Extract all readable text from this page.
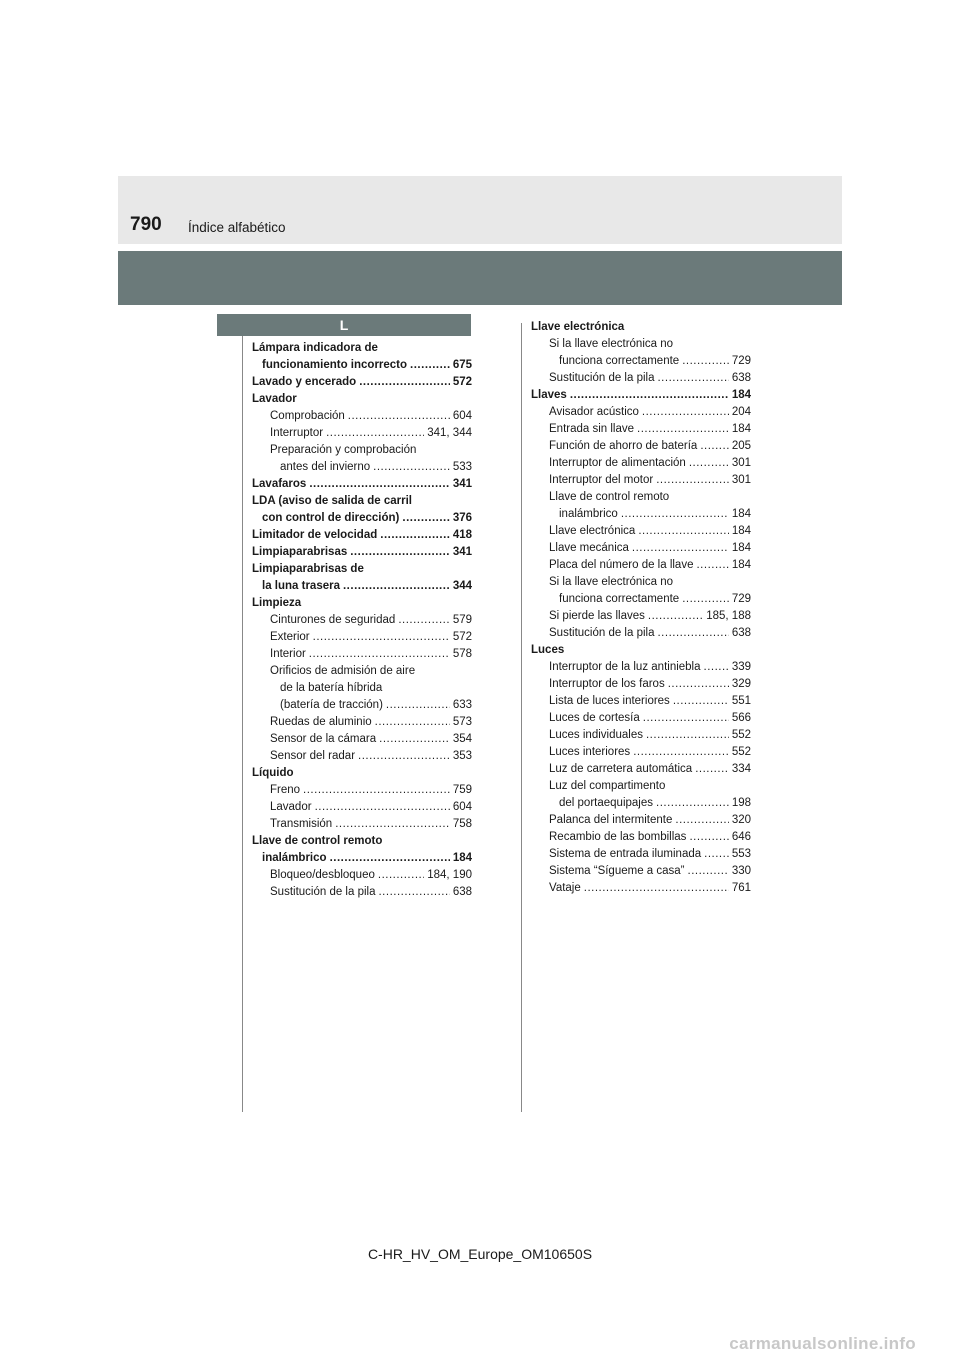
790 Índice alfabético
L
Lámpara indicadora de
funcionamiento incorrecto .....	675
Lavado y encerado .....	572
Lavador
Comprobación .....	604
Interruptor .....	341, 344
Preparación y comprobación
antes del invierno .....	533
Lavafaros .....	341
LDA (aviso de salida de carril
con control de dirección) .....	376
Limitador de velocidad .....	418
Limpiaparabrisas .....	341
Limpiaparabrisas de
la luna trasera .....	344
Limpieza
Cinturones de seguridad .....	579
Exterior .....	572
Interior .....	578
Orificios de admisión de aire
de la batería híbrida
(batería de tracción) .....	633
Ruedas de aluminio .....	573
Sensor de la cámara .....	354
Sensor del radar .....	353
Líquido
Freno .....	759
Lavador .....	604
Transmisión .....	758
Llave de control remoto
inalámbrico .....	184
Bloqueo/desbloqueo .....	184, 190
Sustitución de la pila .....	638
Llave electrónica
Si la llave electrónica no
funciona correctamente .....	729
Sustitución de la pila .....	638
Llaves .....	184
Avisador acústico .....	204
Entrada sin llave .....	184
Función de ahorro de batería .....	205
Interruptor de alimentación .....	301
Interruptor del motor .....	301
Llave de control remoto
inalámbrico .....	184
Llave electrónica .....	184
Llave mecánica .....	184
Placa del número de la llave .....	184
Si la llave electrónica no
funciona correctamente .....	729
Si pierde las llaves .....	185, 188
Sustitución de la pila .....	638
Luces
Interruptor de la luz antiniebla .....	339
Interruptor de los faros .....	329
Lista de luces interiores .....	551
Luces de cortesía .....	566
Luces individuales .....	552
Luces interiores .....	552
Luz de carretera automática .....	334
Luz del compartimento
del portaequipajes .....	198
Palanca del intermitente .....	320
Recambio de las bombillas .....	646
Sistema de entrada iluminada .....	553
Sistema “Sígueme a casa” .....	330
Vataje .....	761
C-HR_HV_OM_Europe_OM10650S
carmanualsonline.info
